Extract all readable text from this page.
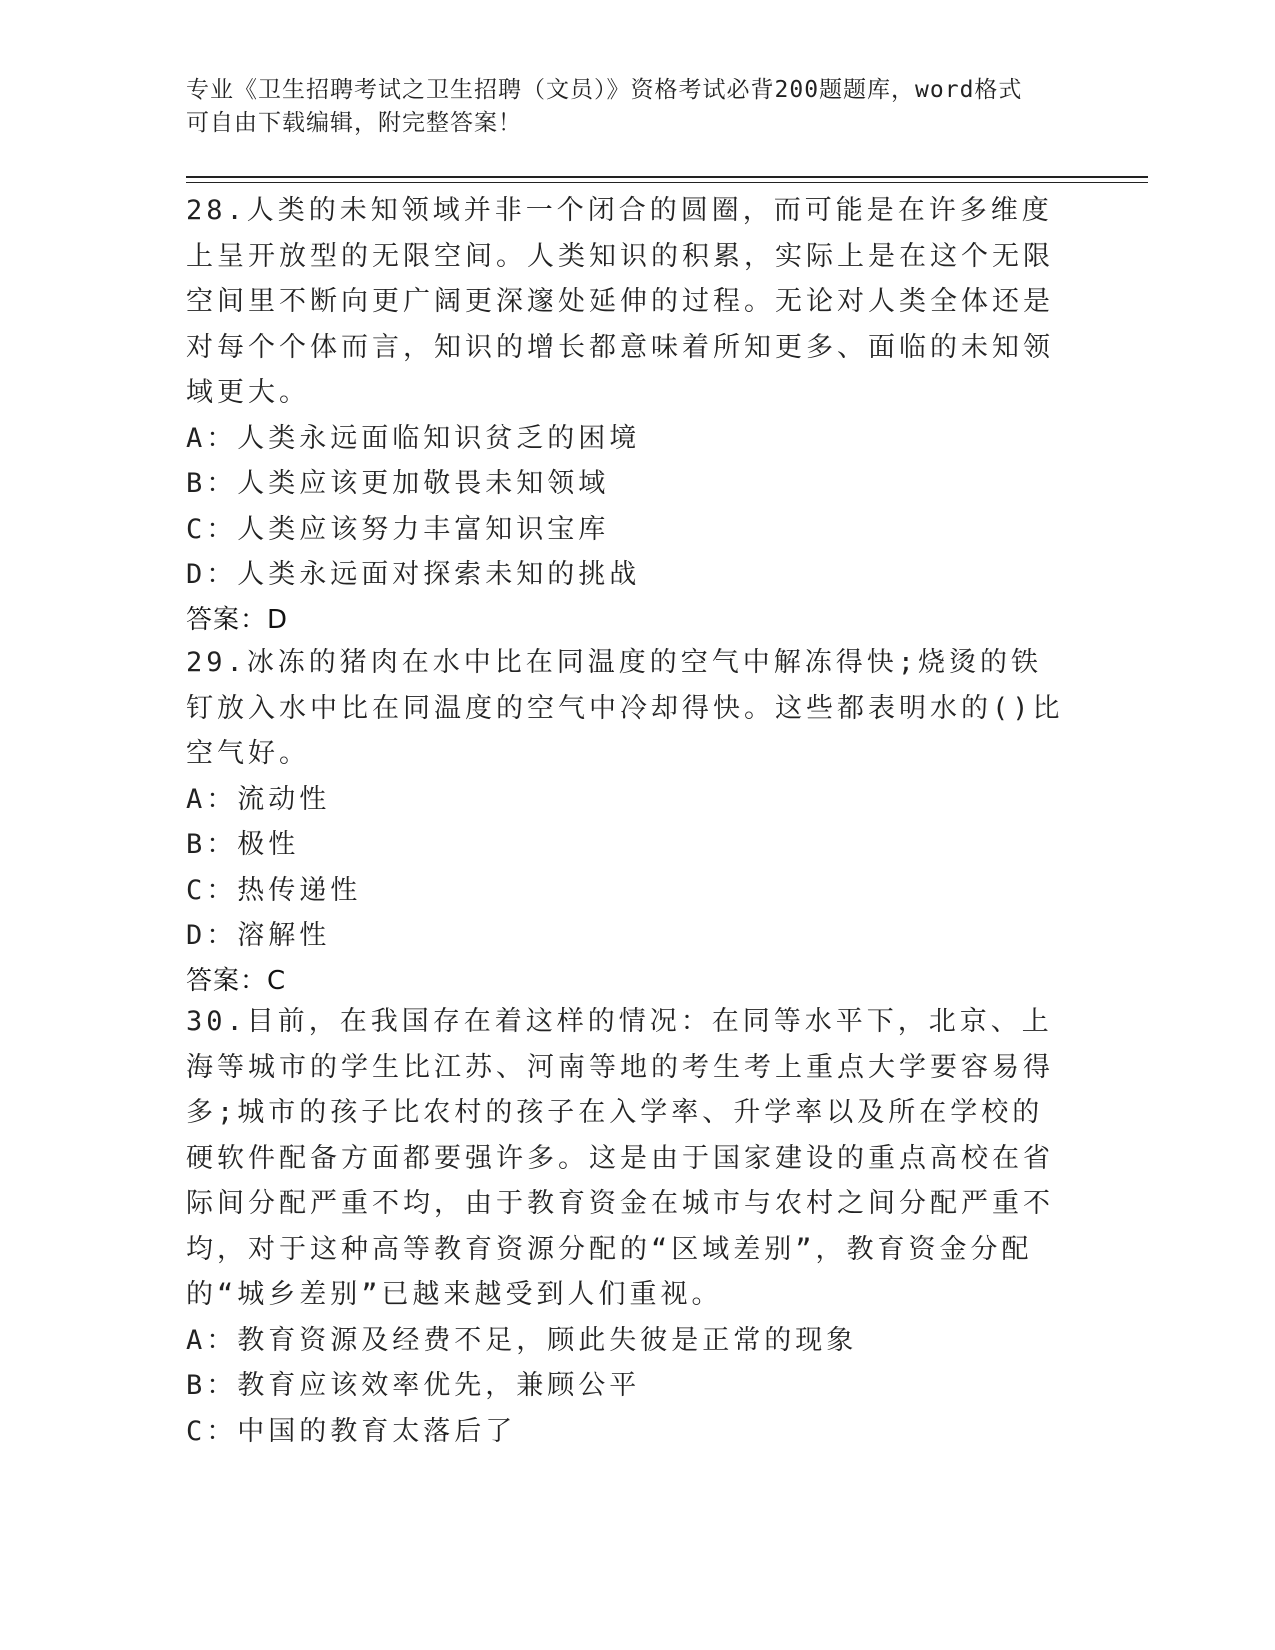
专业《卫生招聘考试之卫生招聘（文员）》资格考试必背200题题库，word格式
可自由下载编辑，附完整答案！
28.人类的未知领域并非一个闭合的圆圈，而可能是在许多维度上呈开放型的无限空间。人类知识的积累，实际上是在这个无限空间里不断向更广阔更深邃处延伸的过程。无论对人类全体还是对每个个体而言，知识的增长都意味着所知更多、面临的未知领域更大。
A：人类永远面临知识贫乏的困境
B：人类应该更加敬畏未知领域
C：人类应该努力丰富知识宝库
D：人类永远面对探索未知的挑战
答案：D
29.冰冻的猪肉在水中比在同温度的空气中解冻得快;烧烫的铁钉放入水中比在同温度的空气中冷却得快。这些都表明水的()比空气好。
A：流动性
B：极性
C：热传递性
D：溶解性
答案：C
30.目前，在我国存在着这样的情况：在同等水平下，北京、上海等城市的学生比江苏、河南等地的考生考上重点大学要容易得多;城市的孩子比农村的孩子在入学率、升学率以及所在学校的硬软件配备方面都要强许多。这是由于国家建设的重点高校在省际间分配严重不均，由于教育资金在城市与农村之间分配严重不均，对于这种高等教育资源分配的“区域差别”，教育资金分配的“城乡差别”已越来越受到人们重视。
A：教育资源及经费不足，顾此失彼是正常的现象
B：教育应该效率优先，兼顾公平
C：中国的教育太落后了
